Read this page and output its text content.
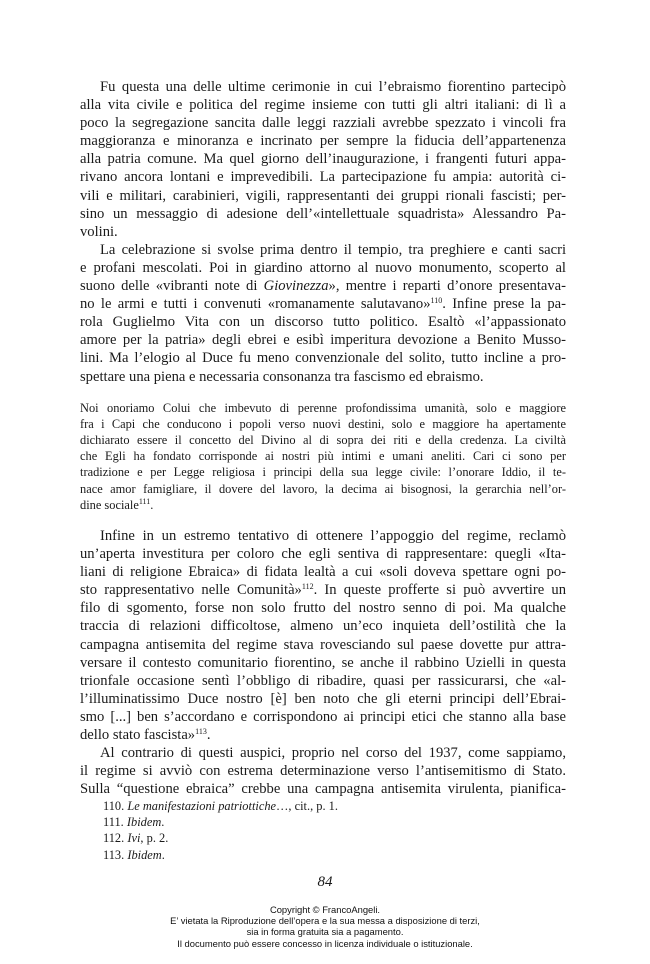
Fu questa una delle ultime cerimonie in cui l’ebraismo fiorentino partecipò
alla vita civile e politica del regime insieme con tutti gli altri italiani: di lì a
poco la segregazione sancita dalle leggi razziali avrebbe spezzato i vincoli fra
maggioranza e minoranza e incrinato per sempre la fiducia dell’appartenenza
alla patria comune. Ma quel giorno dell’inaugurazione, i frangenti futuri appa-
rivano ancora lontani e imprevedibili. La partecipazione fu ampia: autorità ci-
vili e militari, carabinieri, vigili, rappresentanti dei gruppi rionali fascisti; per-
sino un messaggio di adesione dell’«intellettuale squadrista» Alessandro Pa-
volini.
La celebrazione si svolse prima dentro il tempio, tra preghiere e canti sacri
e profani mescolati. Poi in giardino attorno al nuovo monumento, scoperto al
suono delle «vibranti note di Giovinezza», mentre i reparti d’onore presentava-
no le armi e tutti i convenuti «romanamente salutavano»$^{110}$. Infine prese la pa-
rola Guglielmo Vita con un discorso tutto politico. Esaltò «l’appassionato
amore per la patria» degli ebrei e esibì imperitura devozione a Benito Musso-
lini. Ma l’elogio al Duce fu meno convenzionale del solito, tutto incline a pro-
spettare una piena e necessaria consonanza tra fascismo ed ebraismo.
Noi onoriamo Colui che imbevuto di perenne profondissima umanità, solo e maggiore
fra i Capi che conducono i popoli verso nuovi destini, solo e maggiore ha apertamente
dichiarato essere il concetto del Divino al di sopra dei riti e della credenza. La civiltà
che Egli ha fondato corrisponde ai nostri più intimi e umani aneliti. Cari ci sono per
tradizione e per Legge religiosa i principi della sua legge civile: l’onorare Iddio, il te-
nace amor famigliare, il dovere del lavoro, la decima ai bisognosi, la gerarchia nell’or-
dine sociale$^{111}$.
Infine in un estremo tentativo di ottenere l’appoggio del regime, reclamò
un’aperta investitura per coloro che egli sentiva di rappresentare: quegli «Ita-
liani di religione Ebraica» di fidata lealtà a cui «soli doveva spettare ogni po-
sto rappresentativo nelle Comunità»$^{112}$. In queste profferte si può avvertire un
filo di sgomento, forse non solo frutto del nostro senno di poi. Ma qualche
traccia di relazioni difficoltose, almeno un’eco inquieta dell’ostilità che la
campagna antisemita del regime stava rovesciando sul paese dovette pur attra-
versare il contesto comunitario fiorentino, se anche il rabbino Uzielli in questa
trionfale occasione sentì l’obbligo di ribadire, quasi per rassicurarsi, che «al-
l’illuminatissimo Duce nostro [è] ben noto che gli eterni principi dell’Ebrai-
smo [...] ben s’accordano e corrispondono ai principi etici che stanno alla base
dello stato fascista»$^{113}$.
Al contrario di questi auspici, proprio nel corso del 1937, come sappiamo,
il regime si avviò con estrema determinazione verso l’antisemitismo di Stato.
Sulla “questione ebraica” crebbe una campagna antisemita virulenta, pianifica-
110. Le manifestazioni patriottiche…, cit., p. 1.
111. Ibidem.
112. Ivi, p. 2.
113. Ibidem.
84
Copyright © FrancoAngeli.
E’ vietata la Riproduzione dell’opera e la sua messa a disposizione di terzi,
sia in forma gratuita sia a pagamento.
Il documento può essere concesso in licenza individuale o istituzionale.
